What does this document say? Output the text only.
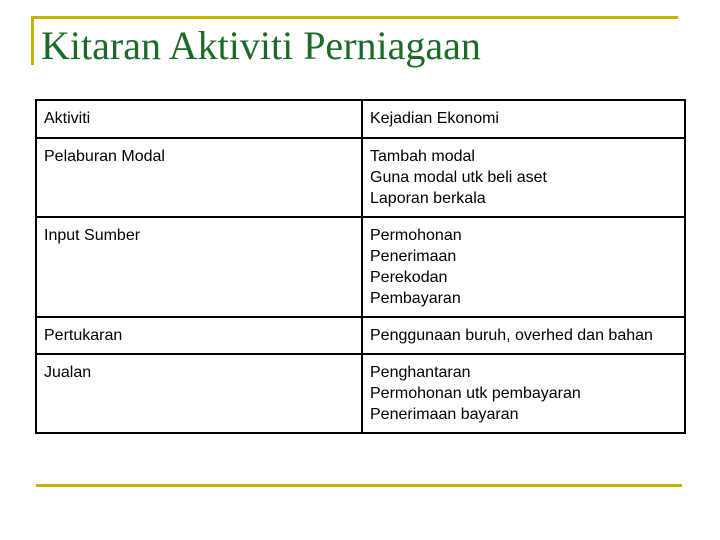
Kitaran Aktiviti Perniagaan
Aktiviti	Kejadian Ekonomi
Pelaburan Modal	Tambah modal
Guna modal utk beli aset
Laporan berkala

Input Sumber	Permohonan
Penerimaan
Perekodan
Pembayaran

Pertukaran	Penggunaan buruh, overhed dan bahan

Jualan	Penghantaran
Permohonan utk pembayaran
Penerimaan bayaran
